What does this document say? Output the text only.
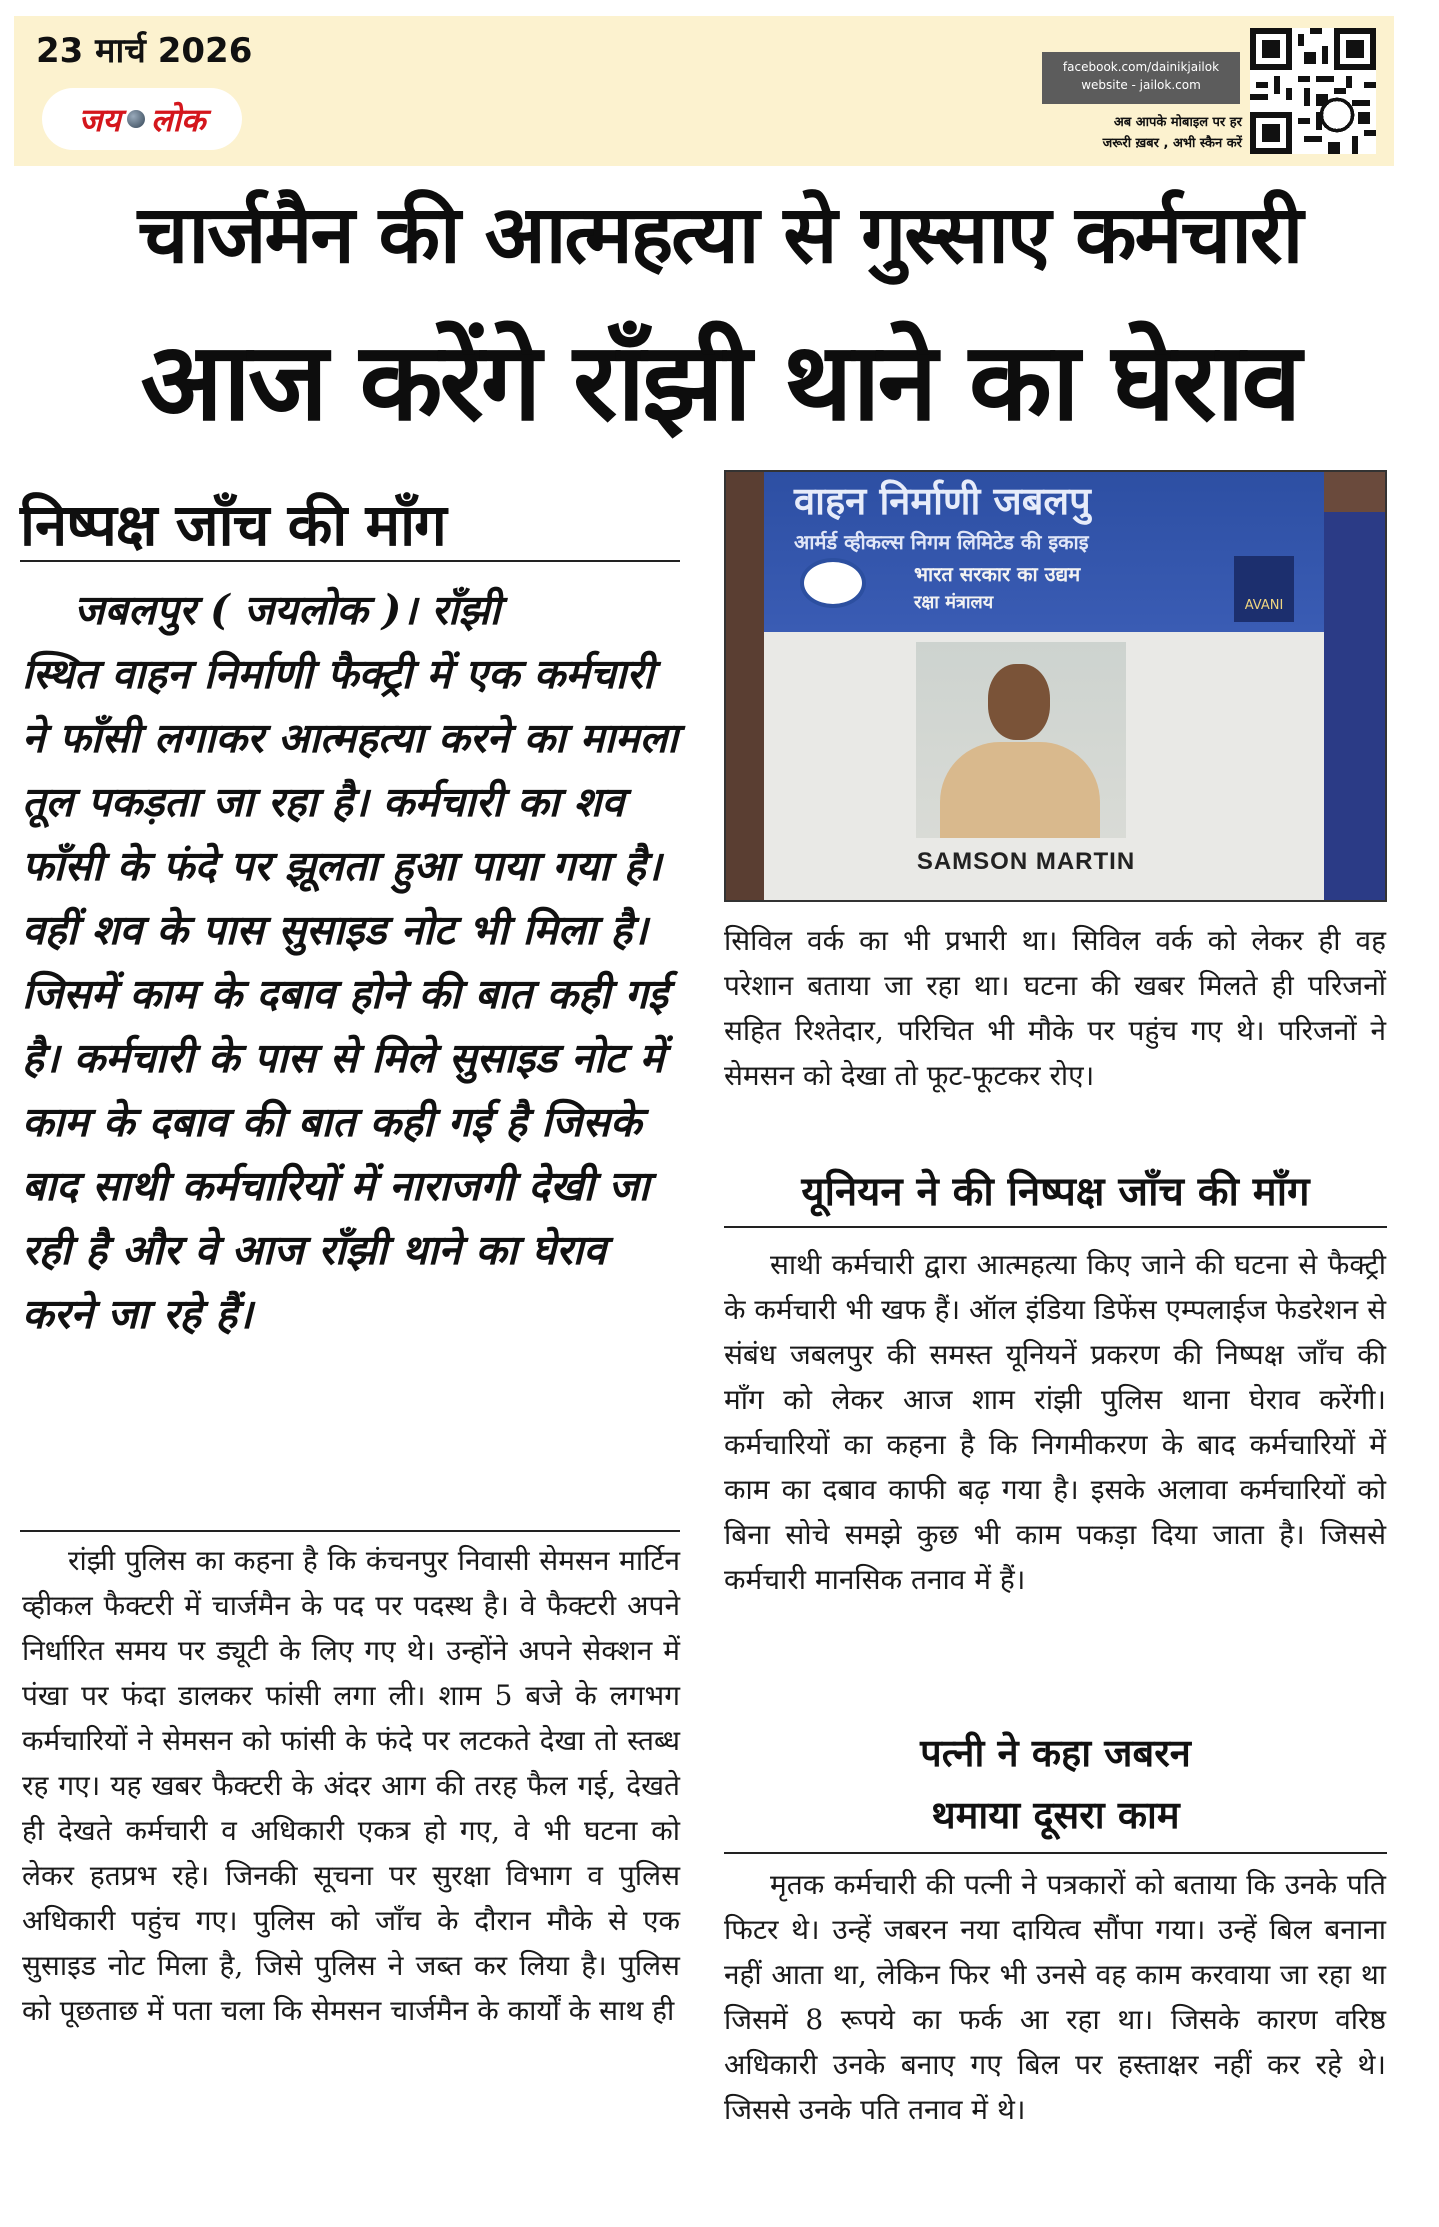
23 मार्च 2026
जय लोक
facebook.com/dainikjailok
website - jailok.com
अब आपके मोबाइल पर हर
जरूरी ख़बर , अभी स्कैन करें
चार्जमैन की आत्महत्या से गुस्साए कर्मचारी
आज करेंगे राँझी थाने का घेराव
निष्पक्ष जाँच की माँग

जबलपुर ( जयलोक )। राँझी
स्थित वाहन निर्माणी फैक्ट्री में एक कर्मचारी ने फाँसी लगाकर आत्महत्या करने का मामला तूल पकड़ता जा रहा है। कर्मचारी का शव फाँसी के फंदे पर झूलता हुआ पाया गया है। वहीं शव के पास सुसाइड नोट भी मिला है। जिसमें काम के दबाव होने की बात कही गई है। कर्मचारी के पास से मिले सुसाइड नोट में काम के दबाव की बात कही गई है जिसके बाद साथी कर्मचारियों में नाराजगी देखी जा रही है और वे आज राँझी थाने का घेराव करने जा रहे हैं।

रांझी पुलिस का कहना है कि कंचनपुर निवासी सेमसन मार्टिन व्हीकल फैक्टरी में चार्जमैन के पद पर पदस्थ है। वे फैक्टरी अपने निर्धारित समय पर ड्यूटी के लिए गए थे। उन्होंने अपने सेक्शन में पंखा पर फंदा डालकर फांसी लगा ली। शाम 5 बजे के लगभग कर्मचारियों ने सेमसन को फांसी के फंदे पर लटकते देखा तो स्तब्ध रह गए। यह खबर फैक्टरी के अंदर आग की तरह फैल गई, देखते ही देखते कर्मचारी व अधिकारी एकत्र हो गए, वे भी घटना को लेकर हतप्रभ रहे। जिनकी सूचना पर सुरक्षा विभाग व पुलिस अधिकारी पहुंच गए। पुलिस को जाँच के दौरान मौके से एक सुसाइड नोट मिला है, जिसे पुलिस ने जब्त कर लिया है। पुलिस को पूछताछ में पता चला कि सेमसन चार्जमैन के कार्यों के साथ ही

वाहन निर्माणी जबलपु
आर्मर्ड व्हीकल्स निगम लिमिटेड की इकाइ
भारत सरकार का उद्यम
रक्षा मंत्रालय	AVANI
SAMSON MARTIN

सिविल वर्क का भी प्रभारी था। सिविल वर्क को लेकर ही वह परेशान बताया जा रहा था। घटना की खबर मिलते ही परिजनों सहित रिश्तेदार, परिचित भी मौके पर पहुंच गए थे। परिजनों ने सेमसन को देखा तो फूट-फूटकर रोए।

यूनियन ने की निष्पक्ष जाँच की माँग

साथी कर्मचारी द्वारा आत्महत्या किए जाने की घटना से फैक्ट्री के कर्मचारी भी खफ हैं। ऑल इंडिया डिफेंस एम्पलाईज फेडरेशन से संबंध जबलपुर की समस्त यूनियनें प्रकरण की निष्पक्ष जाँच की माँग को लेकर आज शाम रांझी पुलिस थाना घेराव करेंगी। कर्मचारियों का कहना है कि निगमीकरण के बाद कर्मचारियों में काम का दबाव काफी बढ़ गया है। इसके अलावा कर्मचारियों को बिना सोचे समझे कुछ भी काम पकड़ा दिया जाता है। जिससे कर्मचारी मानसिक तनाव में हैं।

पत्नी ने कहा जबरन
थमाया दूसरा काम

मृतक कर्मचारी की पत्नी ने पत्रकारों को बताया कि उनके पति फिटर थे। उन्हें जबरन नया दायित्व सौंपा गया। उन्हें बिल बनाना नहीं आता था, लेकिन फिर भी उनसे वह काम करवाया जा रहा था जिसमें 8 रूपये का फर्क आ रहा था। जिसके कारण वरिष्ठ अधिकारी उनके बनाए गए बिल पर हस्ताक्षर नहीं कर रहे थे। जिससे उनके पति तनाव में थे।
